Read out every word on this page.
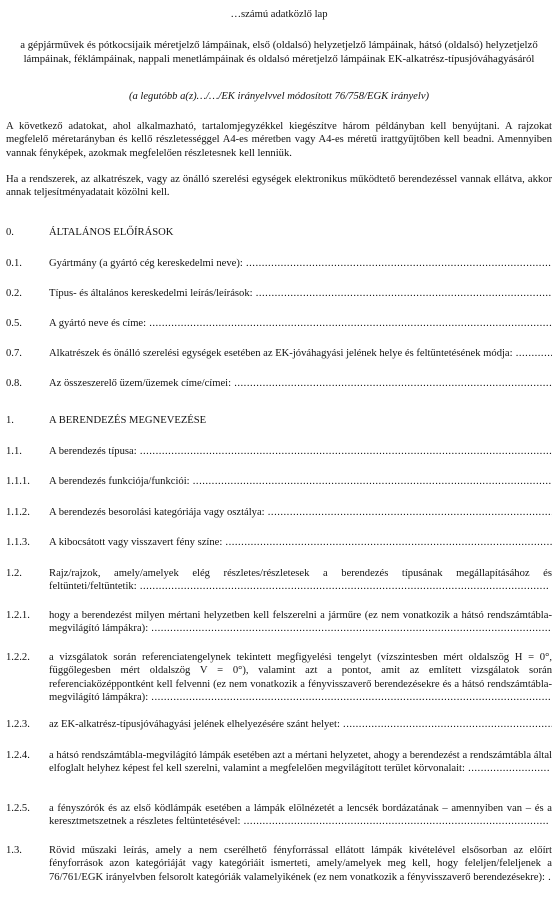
…számú adatközlő lap
a gépjárművek és pótkocsijaik méretjelző lámpáinak, első (oldalsó) helyzetjelző lámpáinak, hátsó (oldalsó) helyzetjelző lámpáinak, féklámpáinak, nappali menetlámpáinak és oldalsó méretjelző lámpáinak EK-alkatrész-típusjóváhagyásáról
(a legutóbb a(z)…/…/EK irányelvvel módosított 76/758/EGK irányelv)
A következő adatokat, ahol alkalmazható, tartalomjegyzékkel kiegészítve három példányban kell benyújtani. A rajzokat megfelelő méretarányban és kellő részletességgel A4-es méretben vagy A4-es méretű irattgyűjtőben kell beadni. Amennyiben vannak fényképek, azokmak megfelelően részletesnek kell lenniük.
Ha a rendszerek, az alkatrészek, vagy az önálló szerelési egységek elektronikus működtető berendezéssel vannak ellátva, akkor annak teljesítményadatait közölni kell.
0.	ÁLTALÁNOS ELŐÍRÁSOK
0.1.	Gyártmány (a gyártó cég kereskedelmi neve): .....
0.2.	Típus- és általános kereskedelmi leírás/leírások: .....
0.5.	A gyártó neve és címe: .....
0.7.	Alkatrészek és önálló szerelési egységek esetében az EK-jóváhagyási jelének helye és feltüntetésének módja: .....
0.8.	Az összeszerelő üzem/üzemek címe/címei: .....
1.	A BERENDEZÉS MEGNEVEZÉSE
1.1.	A berendezés típusa: .....
1.1.1. A berendezés funkciója/funkciói: .....
1.1.2. A berendezés besorolási kategóriája vagy osztálya: .....
1.1.3. A kibocsátott vagy visszavert fény színe: .....
1.2.	Rajz/rajzok, amely/amelyek elég részletes/részletesek a berendezés típusának megállapításához és feltünteti/feltüntetik: ..................................................................................................................................
1.2.1. hogy a berendezést milyen mértani helyzetben kell felszerelni a járműre (ez nem vonatkozik a hátsó rendszámtábla-megvilágító lámpákra): ...............................................................................................................................
1.2.2. a vizsgálatok során referenciatengelynek tekintett megfigyelési tengelyt (vízszintesben mért oldalszög H = 0°, függőlegesben mért oldalszög V = 0°), valamint azt a pontot, amit az említett vizsgálatok során referenciaközéppontként kell felvenni (ez nem vonatkozik a fényvisszaverő berendezésekre és a hátsó rendszámtábla-megvilágító lámpákra): ...............................................................................................................................
1.2.3. az EK-alkatrész-típusjóváhagyási jelének elhelyezésére szánt helyet: .....
1.2.4. a hátsó rendszámtábla-megvilágító lámpák esetében azt a mértani helyzetet, ahogy a berendezést a rendszámtábla által elfoglalt helyhez képest fel kell szerelni, valamint a megfelelően megvilágított terület körvonalait: ..........................
1.2.5. a fényszórók és az első ködlámpák esetében a lámpák elölnézetét a lencsék bordázatának – amennyiben van – és a keresztmetszetnek a részletes feltüntetésével: .................................................................................................
1.3.	Rövid műszaki leírás, amely a nem cserélhető fényforrással ellátott lámpák kivételével elsősorban az előírt fényforrások azon kategóriáját vagy kategóriáit ismerteti, amely/amelyek meg kell, hogy feleljen/feleljenek a 76/761/EGK irányelvben felsorolt kategóriák valamelyikének (ez nem vonatkozik a fényvisszaverő berendezésekre): .
